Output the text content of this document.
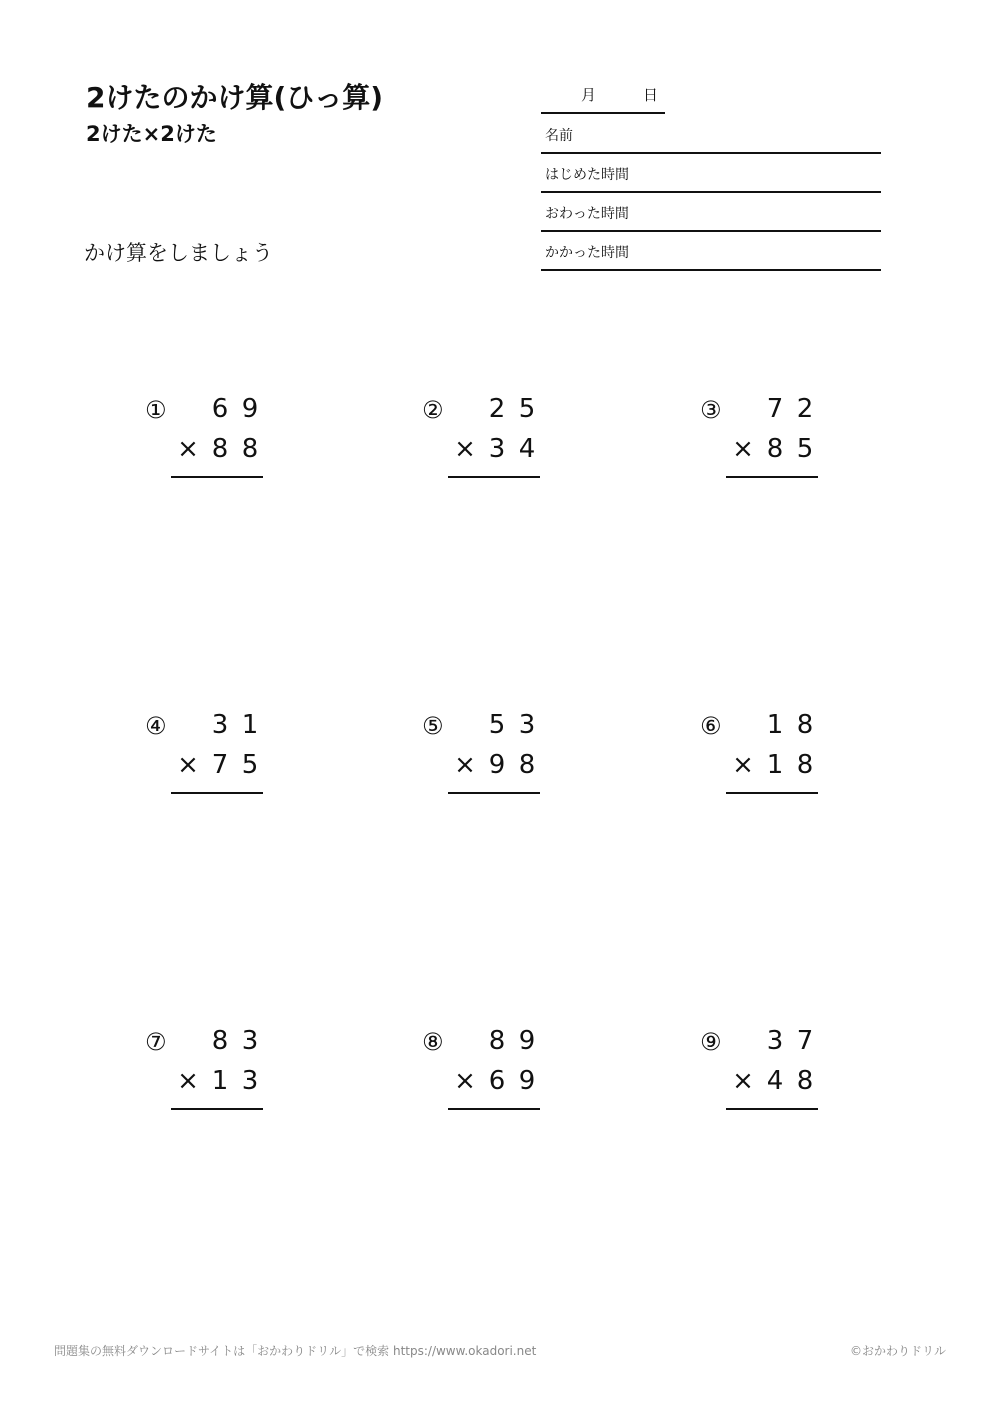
2けたのかけ算(ひっ算)
2けた×2けた
かけ算をしましょう
月	日
名前
はじめた時間
おわった時間
かかった時間
① 6 9
× 8 8
② 2 5
× 3 4
③ 7 2
× 8 5
④ 3 1
× 7 5
⑤ 5 3
× 9 8
⑥ 1 8
× 1 8
⑦ 8 3
× 1 3
⑧ 8 9
× 6 9
⑨ 3 7
× 4 8
問題集の無料ダウンロードサイトは「おかわりドリル」で検索 https://www.okadori.net	©おかわりドリル
